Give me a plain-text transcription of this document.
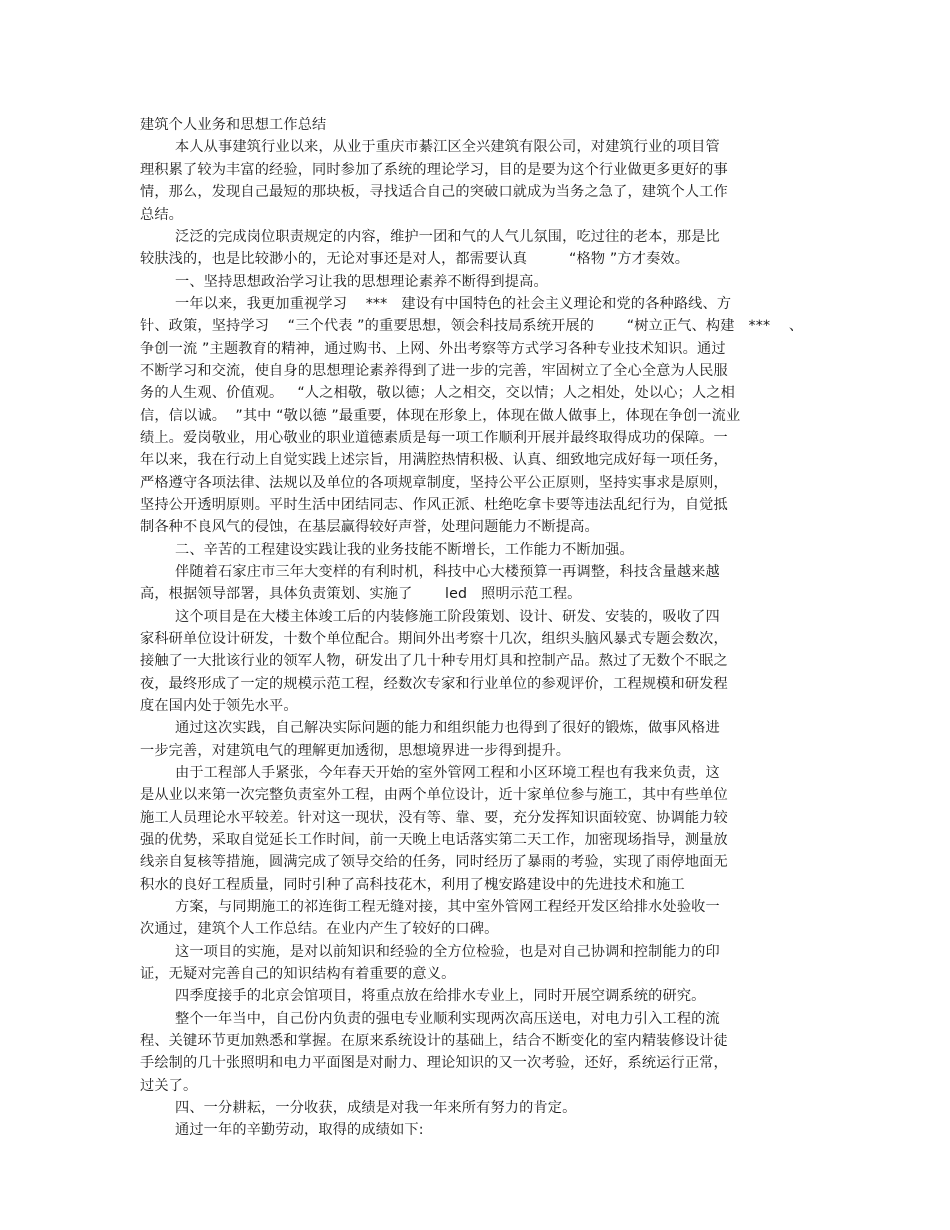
建筑个人业务和思想工作总结
本人从事建筑行业以来，从业于重庆市綦江区全兴建筑有限公司，对建筑行业的项目管
理积累了较为丰富的经验，同时参加了系统的理论学习，目的是要为这个行业做更多更好的事
情，那么，发现自己最短的那块板，寻找适合自己的突破口就成为当务之急了，建筑个人工作
总结。
泛泛的完成岗位职责规定的内容，维护一团和气的人气儿氛围，吃过往的老本，那是比
较肤浅的，也是比较渺小的，无论对事还是对人，都需要认真         “格物 ”方才奏效。
一、坚持思想政治学习让我的思想理论素养不断得到提高。
一年以来，我更加重视学习    ***   建设有中国特色的社会主义理论和党的各种路线、方
针、政策，坚持学习    “三个代表 ”的重要思想，领会科技局系统开展的       “树立正气、构建   ***    、
争创一流 ”主题教育的精神，通过购书、上网、外出考察等方式学习各种专业技术知识。通过
不断学习和交流，使自身的思想理论素养得到了进一步的完善，牢固树立了全心全意为人民服
务的人生观、价值观。   “人之相敬，敬以德；人之相交，交以情；人之相处，处以心；人之相
信，信以诚。  ”其中 “敬以德 ”最重要，体现在形象上，体现在做人做事上，体现在争创一流业
绩上。爱岗敬业，用心敬业的职业道德素质是每一项工作顺利开展并最终取得成功的保障。一
年以来，我在行动上自觉实践上述宗旨，用满腔热情积极、认真、细致地完成好每一项任务，
严格遵守各项法律、法规以及单位的各项规章制度，坚持公平公正原则，坚持实事求是原则，
坚持公开透明原则。平时生活中团结同志、作风正派、杜绝吃拿卡要等违法乱纪行为，自觉抵
制各种不良风气的侵蚀，在基层赢得较好声誉，处理问题能力不断提高。
二、辛苦的工程建设实践让我的业务技能不断增长，工作能力不断加强。
伴随着石家庄市三年大变样的有利时机，科技中心大楼预算一再调整，科技含量越来越
高，根据领导部署，具体负责策划、实施了       led   照明示范工程。
这个项目是在大楼主体竣工后的内装修施工阶段策划、设计、研发、安装的，吸收了四
家科研单位设计研发，十数个单位配合。期间外出考察十几次，组织头脑风暴式专题会数次，
接触了一大批该行业的领军人物，研发出了几十种专用灯具和控制产品。熬过了无数个不眠之
夜，最终形成了一定的规模示范工程，经数次专家和行业单位的参观评价，工程规模和研发程
度在国内处于领先水平。
通过这次实践，自己解决实际问题的能力和组织能力也得到了很好的锻炼，做事风格进
一步完善，对建筑电气的理解更加透彻，思想境界进一步得到提升。
由于工程部人手紧张，今年春天开始的室外管网工程和小区环境工程也有我来负责，这
是从业以来第一次完整负责室外工程，由两个单位设计，近十家单位参与施工，其中有些单位
施工人员理论水平较差。针对这一现状，没有等、靠、要，充分发挥知识面较宽、协调能力较
强的优势，采取自觉延长工作时间，前一天晚上电话落实第二天工作，加密现场指导，测量放
线亲自复核等措施，圆满完成了领导交给的任务，同时经历了暴雨的考验，实现了雨停地面无
积水的良好工程质量，同时引种了高科技花木，利用了槐安路建设中的先进技术和施工
方案，与同期施工的祁连街工程无缝对接，其中室外管网工程经开发区给排水处验收一
次通过，建筑个人工作总结。在业内产生了较好的口碑。
这一项目的实施，是对以前知识和经验的全方位检验，也是对自己协调和控制能力的印
证，无疑对完善自己的知识结构有着重要的意义。
四季度接手的北京会馆项目，将重点放在给排水专业上，同时开展空调系统的研究。
整个一年当中，自己份内负责的强电专业顺利实现两次高压送电，对电力引入工程的流
程、关键环节更加熟悉和掌握。在原来系统设计的基础上，结合不断变化的室内精装修设计徒
手绘制的几十张照明和电力平面图是对耐力、理论知识的又一次考验，还好，系统运行正常，
过关了。
四、一分耕耘，一分收获，成绩是对我一年来所有努力的肯定。
通过一年的辛勤劳动，取得的成绩如下:
